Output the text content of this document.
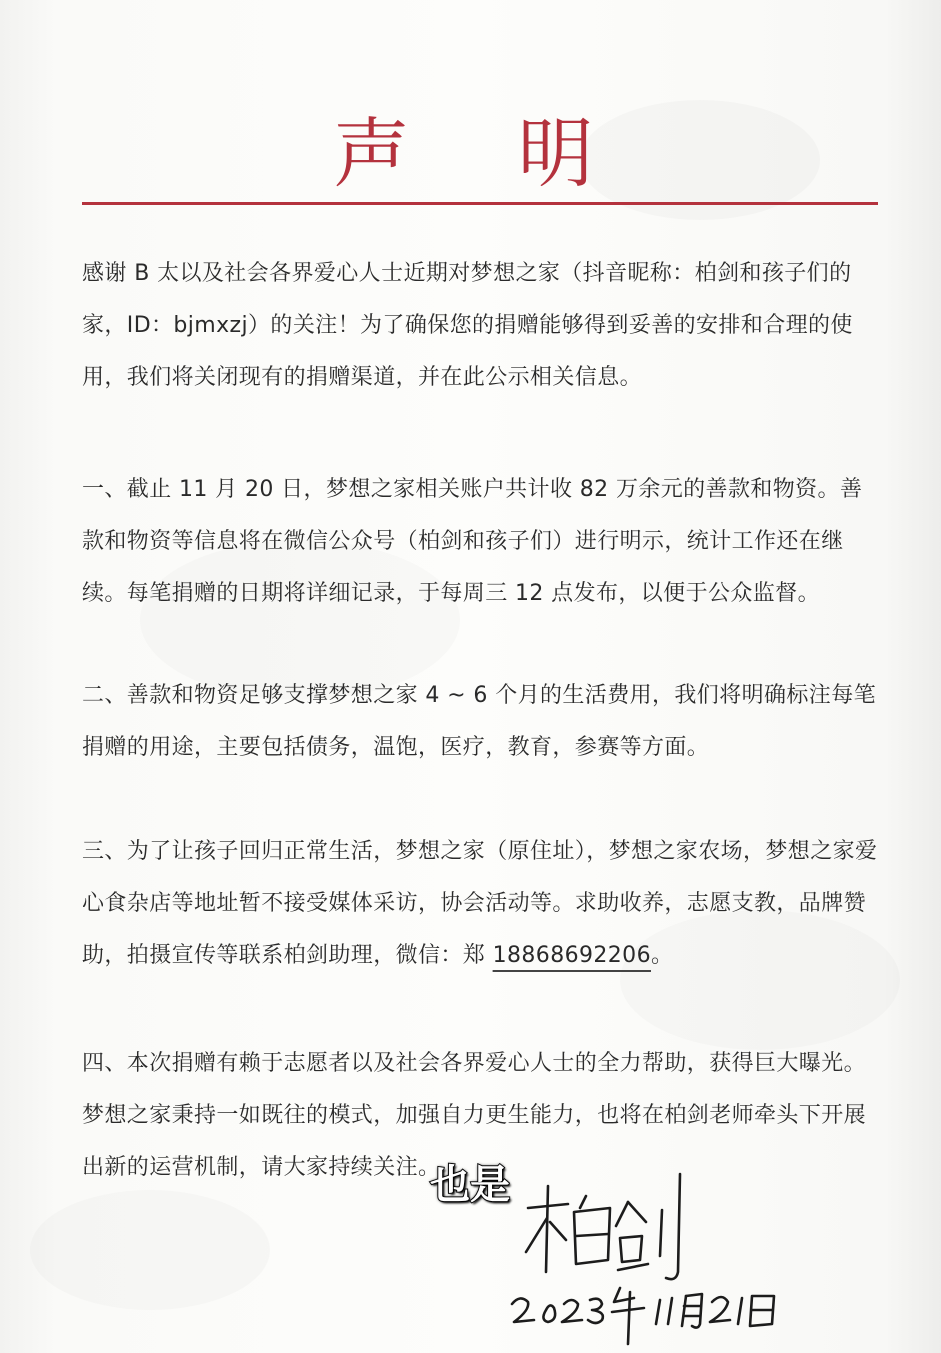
声 明

感谢 B 太以及社会各界爱心人士近期对梦想之家（抖音昵称：柏剑和孩子们的家，ID：bjmxzj）的关注！为了确保您的捐赠能够得到妥善的安排和合理的使用，我们将关闭现有的捐赠渠道，并在此公示相关信息。

一、截止 11 月 20 日，梦想之家相关账户共计收 82 万余元的善款和物资。善款和物资等信息将在微信公众号（柏剑和孩子们）进行明示，统计工作还在继续。每笔捐赠的日期将详细记录，于每周三 12 点发布，以便于公众监督。

二、善款和物资足够支撑梦想之家 4 ~ 6 个月的生活费用，我们将明确标注每笔捐赠的用途，主要包括债务，温饱，医疗，教育，参赛等方面。

三、为了让孩子回归正常生活，梦想之家（原住址），梦想之家农场，梦想之家爱心食杂店等地址暂不接受媒体采访，协会活动等。求助收养，志愿支教，品牌赞助，拍摄宣传等联系柏剑助理，微信：郑 18868692206。

四、本次捐赠有赖于志愿者以及社会各界爱心人士的全力帮助，获得巨大曝光。梦想之家秉持一如既往的模式，加强自力更生能力，也将在柏剑老师牵头下开展出新的运营机制，请大家持续关注。

也是
